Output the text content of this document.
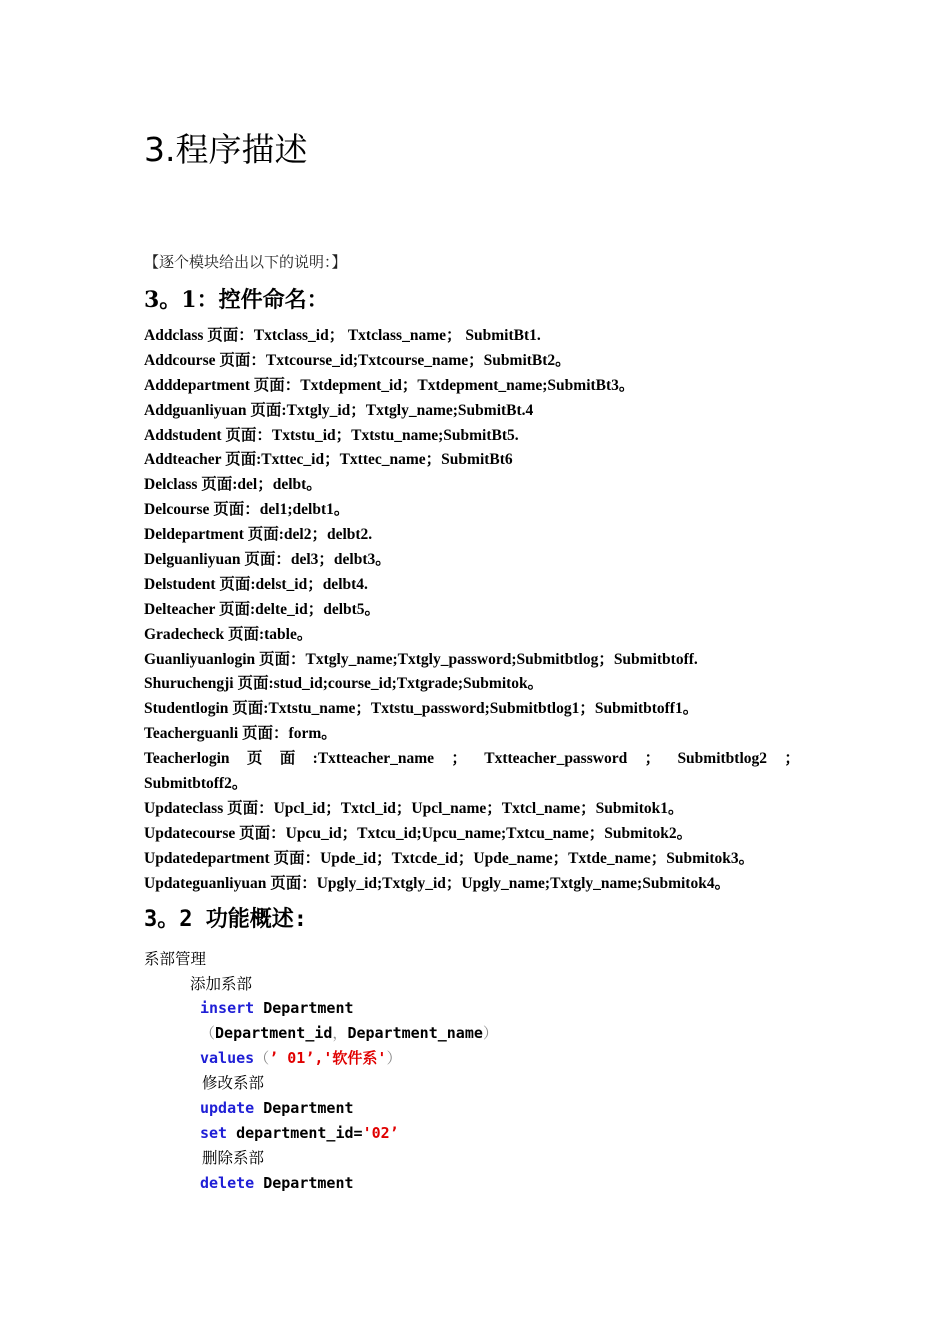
3.程序描述
【逐个模块给出以下的说明：】
3。1：控件命名：
Addclass 页面：Txtclass_id； Txtclass_name； SubmitBt1.
Addcourse 页面：Txtcourse_id;Txtcourse_name；SubmitBt2。
Adddepartment 页面：Txtdepment_id；Txtdepment_name;SubmitBt3。
Addguanliyuan 页面:Txtgly_id；Txtgly_name;SubmitBt.4
Addstudent 页面：Txtstu_id；Txtstu_name;SubmitBt5.
Addteacher 页面:Txttec_id；Txttec_name；SubmitBt6
Delclass 页面:del；delbt。
Delcourse 页面：del1;delbt1。
Deldepartment 页面:del2；delbt2.
Delguanliyuan 页面：del3；delbt3。
Delstudent 页面:delst_id；delbt4.
Delteacher 页面:delte_id；delbt5。
Gradecheck 页面:table。
Guanliyuanlogin 页面：Txtgly_name;Txtgly_password;Submitbtlog；Submitbtoff.
Shuruchengji 页面:stud_id;course_id;Txtgrade;Submitok。
Studentlogin 页面:Txtstu_name；Txtstu_password;Submitbtlog1；Submitbtoff1。
Teacherguanli 页面：form。
Teacherlogin 页 面 :Txtteacher_name ； Txtteacher_password ； Submitbtlog2 ；
Submitbtoff2。
Updateclass 页面：Upcl_id；Txtcl_id；Upcl_name；Txtcl_name；Submitok1。
Updatecourse 页面：Upcu_id；Txtcu_id;Upcu_name;Txtcu_name；Submitok2。
Updatedepartment 页面：Upde_id；Txtcde_id；Upde_name；Txtde_name；Submitok3。
Updateguanliyuan 页面：Upgly_id;Txtgly_id；Upgly_name;Txtgly_name;Submitok4。
3。2 功能概述:
系部管理
添加系部
insert Department
（Department_id，Department_name）
values（’ 01’,'软件系'）
修改系部
update Department
set department_id='02’
删除系部
delete Department
